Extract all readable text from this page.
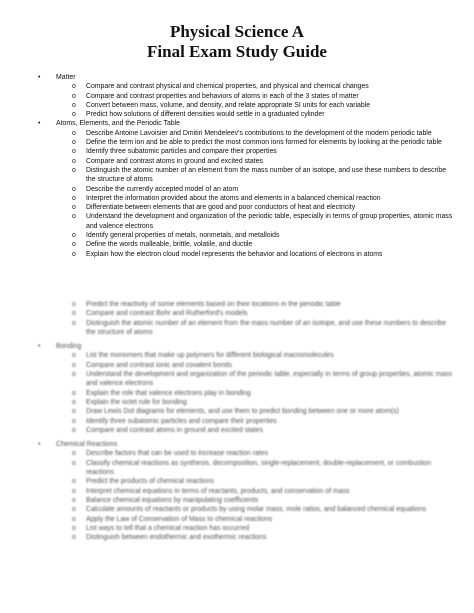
Physical Science A
Final Exam Study Guide
• Matter
o Compare and contrast physical and chemical properties, and physical and chemical changes
o Compare and contrast properties and behaviors of atoms in each of the 3 states of matter
o Convert between mass, volume, and density, and relate appropriate SI units for each variable
o Predict how solutions of different densities would settle in a graduated cylinder
• Atoms, Elements, and the Periodic Table
o Describe Antoine Lavoisier and Dmitiri Mendeleev's contributions to the development of the modern periodic table
o Define the term ion and be able to predict the most common ions formed for elements by looking at the periodic table
o Identify three subatomic particles and compare their properties
o Compare and contrast atoms in ground and excited states
o Distinguish the atomic number of an element from the mass number of an isotope, and use these numbers to describe the structure of atoms
o Describe the currently accepted model of an atom
o Interpret the information provided about the atoms and elements in a balanced chemical reaction
o Differentiate between elements that are good and poor conductors of heat and electricity
o Understand the development and organization of the periodic table, especially in terms of group properties, atomic mass and valence electrons
o Identify general properties of metals, nonmetals, and metalloids
o Define the words malleable, brittle, volatile, and ductile
o Explain how the electron cloud model represents the behavior and locations of electrons in atoms
o Predict the reactivity of some elements based on their locations in the periodic table
o Compare and contrast Bohr and Rutherford's models
o Distinguish the atomic number of an element from the mass number of an isotope, and use these numbers to describe the structure of atoms
• Bonding
o List the monomers that make up polymers for different biological macromolecules
o Compare and contrast ionic and covalent bonds
o Understand the development and organization of the periodic table, especially in terms of group properties, atomic mass and valence electrons
o Explain the role that valence electrons play in bonding
o Explain the octet rule for bonding
o Draw Lewis Dot diagrams for elements, and use them to predict bonding between one or more atom(s)
o Identify three subatomic particles and compare their properties
o Compare and contrast atoms in ground and excited states
• Chemical Reactions
o Describe factors that can be used to increase reaction rates
o Classify chemical reactions as synthesis, decomposition, single-replacement, double-replacement, or combustion reactions
o Predict the products of chemical reactions
o Interpret chemical equations in terms of reactants, products, and conservation of mass
o Balance chemical equations by manipulating coefficients
o Calculate amounts of reactants or products by using molar mass, mole ratios, and balanced chemical equations
o Apply the Law of Conservation of Mass to chemical reactions
o List ways to tell that a chemical reaction has occurred
o Distinguish between endothermic and exothermic reactions
